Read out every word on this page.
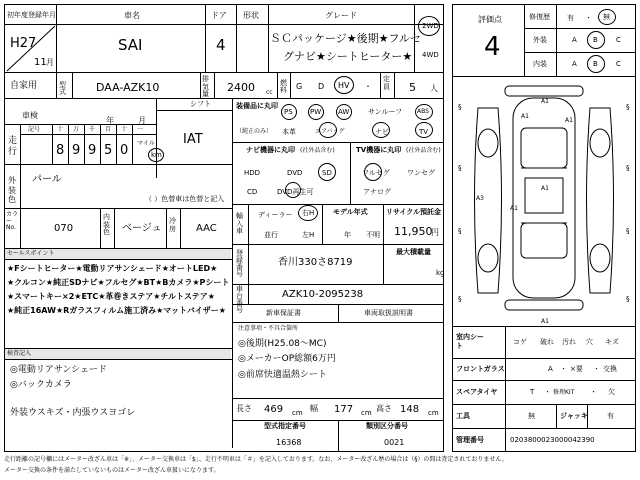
初年度登録年月
H27
11 月
車名
SAI
ドア
4
形状	グレード
ＳＣパッケージ★後期★フルセ
グナビ★シートヒーター★
2WD
4WD
自家用	型式	DAA-AZK10
排気量
2400 cc
燃料	G D HV ・
定員 5 人
車検
年	月
シフト
IAT
走行
記号	十 万 千 百 十 一
8 9 9 5 0 マイル
km
外装色
パール
（ ）色替車は色替と記入
カラーNo.	070
内装色 ベージュ
冷房 AAC
セールスポイント
★Fシートヒーター★電動リアサンシェード★オートLED★
★クルコン★純正SDナビ★フルセグ★BT★Bカメラ★Pシート
★スマートキー×2★ETC★革巻きステア★チルトステア★
★純正16AW★Rガラスフィルム施工済み★マットバイザー★
検査記入
◎電動リアサンシェード
◎バックカメラ
外装ウスキズ・内張ウスヨゴレ
装備品に丸印
（純正のみ）
PS PW AW	サンルーフ ABS
本革	エアバッグ	ナビ	TV
ナビ機器に丸印 (社外品含む)
HDD	DVD	SD
CD	DVD再生可
TV機器に丸印 (社外品含む)
フルセグ ワンセグ
アナログ
輸入車
ディーラー 右H
並行	左H
モデル年式
年 不明
リサイクル預託金
11,950
円
登録番号
香川330さ8719
最大積載量
kg
車台番号
AZK10-2095238
新車保証書	車両取扱説明書
注意事項・不具合箇所
◎後期(H25.08～MC)
◎メーカーOP総額6万円
◎前席快適温熱シート
長さ 469 cm 幅 177 cm 高さ 148 cm
型式指定番号
16368
類別区分番号
0021
評価点
4
修復歴 有 ・ 無
外装	A B	C
内装	A B	C
A1
A1
A1
A3
A1
A1
A1
§	§
§	§
§	§
§	§
室内シート
コゲ 破れ 汚れ 穴 キズ
フロントガラス	A ・ ×要 ・ 交換
スペアタイヤ	T ・ 修理KIT ・ 欠
工具	無	ジャッキ	有
管理番号	0203800023000042390
走行距離の記号欄にはメーター改ざん車は「※」、メーター交換車は「$」、走行不明車は「＃」を記入しております。なお、メーター改ざん歴の場合は（§）の間は査定されておりません。
メーター交換の条件を満たしていないものはメーター改ざん車扱いになります。
